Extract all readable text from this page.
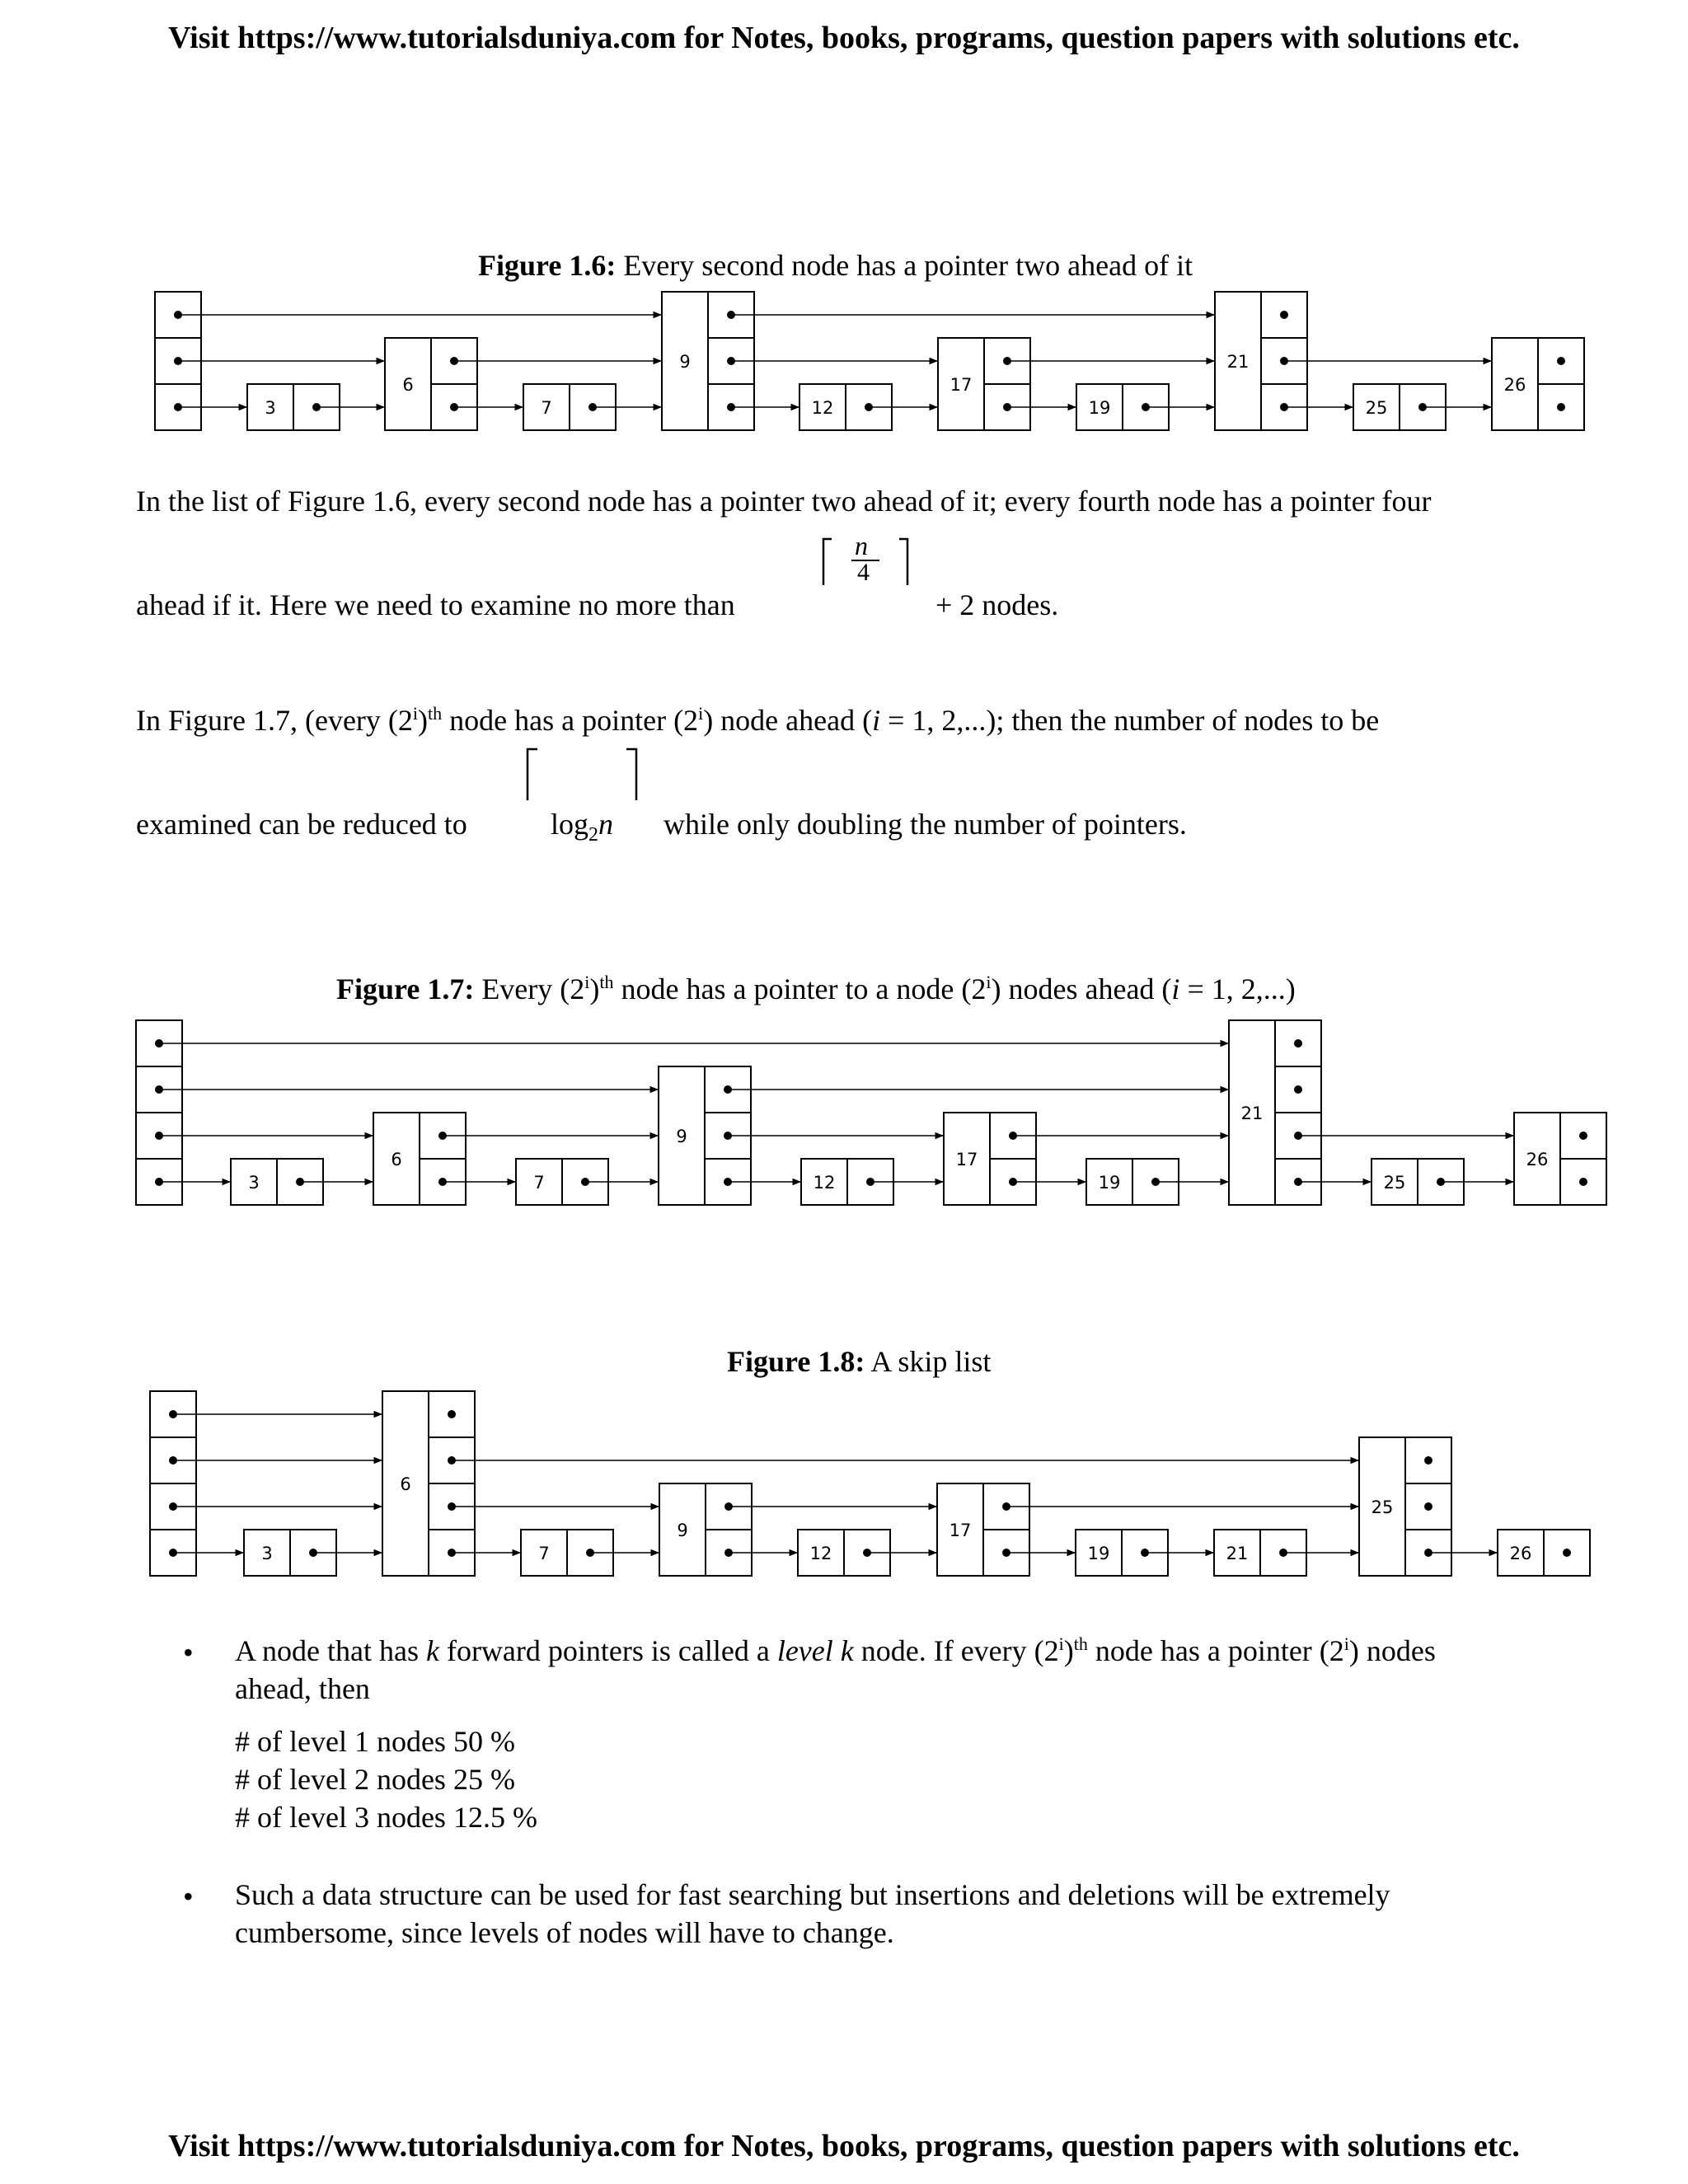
Visit https://www.tutorialsduniya.com for Notes, books, programs, question papers with solutions etc.
Visit https://www.tutorialsduniya.com for Notes, books, programs, question papers with solutions etc.
Figure 1.6: Every second node has a pointer two ahead of it
3
6
7
9
12
17
19
21
25
26
In the list of Figure 1.6, every second node has a pointer two ahead of it; every fourth node has a pointer four
ahead if it. Here we need to examine no more than
n
4
+ 2 nodes.
In Figure 1.7, (every $(2^i)^{th}$ node has a pointer (2$^i$) node ahead (i = 1, 2,...); then the number of nodes to be
examined can be reduced to	$\log_2n$ while only doubling the number of pointers.
Figure 1.7: Every $(2^i)^{th}$ node has a pointer to a node (2$^i$) nodes ahead (i = 1, 2,...)
3
6
7
9
12
17
19
21
25
26
Figure 1.8: A skip list
3
6
7
9
12
17
19	21
25
26
• A node that has k forward pointers is called a level k node. If every $(2^i)^{th}$ node has a pointer (2$^i$) nodes
ahead, then
# of level 1 nodes 50 %
# of level 2 nodes 25 %
# of level 3 nodes 12.5 %
• Such a data structure can be used for fast searching but insertions and deletions will be extremely
cumbersome, since levels of nodes will have to change.
